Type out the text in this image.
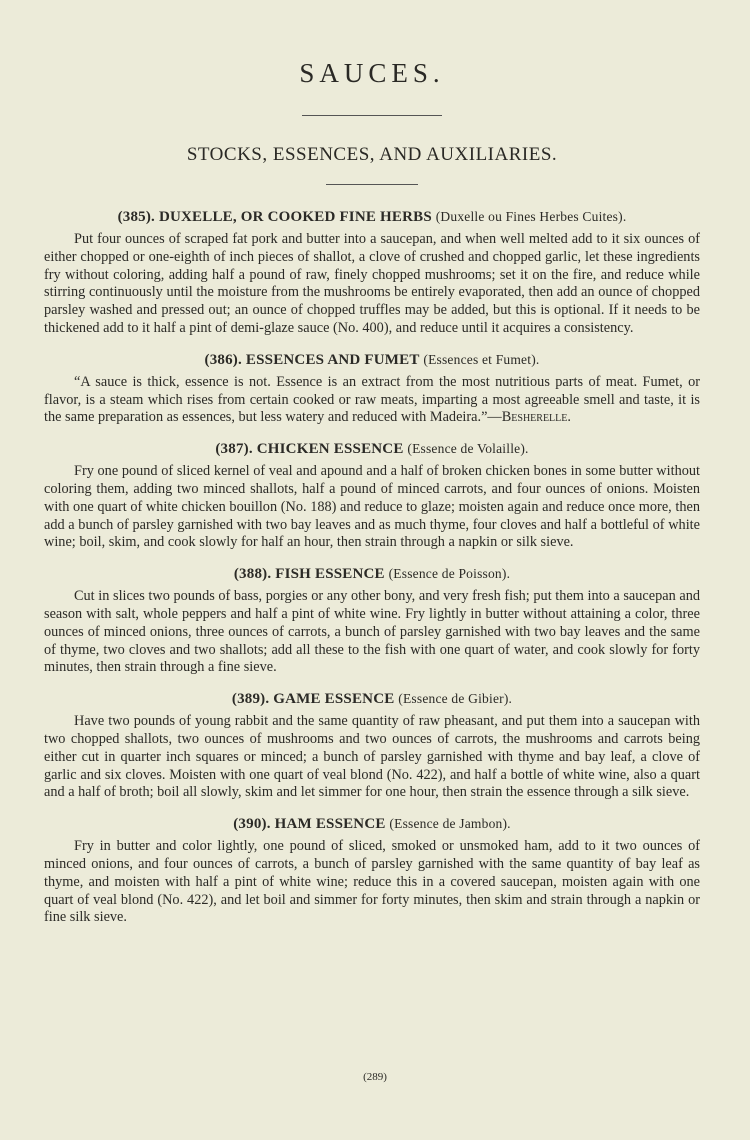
SAUCES.
STOCKS, ESSENCES, AND AUXILIARIES.
(385). DUXELLE, OR COOKED FINE HERBS (Duxelle ou Fines Herbes Cuites).

Put four ounces of scraped fat pork and butter into a saucepan, and when well melted add to it six ounces of either chopped or one-eighth of inch pieces of shallot, a clove of crushed and chopped garlic, let these ingredients fry without coloring, adding half a pound of raw, finely chopped mushrooms; set it on the fire, and reduce while stirring continuously until the moisture from the mushrooms be entirely evaporated, then add an ounce of chopped parsley washed and pressed out; an ounce of chopped truffles may be added, but this is optional. If it needs to be thickened add to it half a pint of demi-glaze sauce (No. 400), and reduce until it acquires a consistency.

(386). ESSENCES AND FUMET (Essences et Fumet).

“A sauce is thick, essence is not. Essence is an extract from the most nutritious parts of meat. Fumet, or flavor, is a steam which rises from certain cooked or raw meats, imparting a most agreeable smell and taste, it is the same preparation as essences, but less watery and reduced with Madeira.”—Besherelle.

(387). CHICKEN ESSENCE (Essence de Volaille).

Fry one pound of sliced kernel of veal and apound and a half of broken chicken bones in some butter without coloring them, adding two minced shallots, half a pound of minced carrots, and four ounces of onions. Moisten with one quart of white chicken bouillon (No. 188) and reduce to glaze; moisten again and reduce once more, then add a bunch of parsley garnished with two bay leaves and as much thyme, four cloves and half a bottleful of white wine; boil, skim, and cook slowly for half an hour, then strain through a napkin or silk sieve.

(388). FISH ESSENCE (Essence de Poisson).

Cut in slices two pounds of bass, porgies or any other bony, and very fresh fish; put them into a saucepan and season with salt, whole peppers and half a pint of white wine. Fry lightly in butter without attaining a color, three ounces of minced onions, three ounces of carrots, a bunch of parsley garnished with two bay leaves and the same of thyme, two cloves and two shallots; add all these to the fish with one quart of water, and cook slowly for forty minutes, then strain through a fine sieve.

(389). GAME ESSENCE (Essence de Gibier).

Have two pounds of young rabbit and the same quantity of raw pheasant, and put them into a saucepan with two chopped shallots, two ounces of mushrooms and two ounces of carrots, the mushrooms and carrots being either cut in quarter inch squares or minced; a bunch of parsley garnished with thyme and bay leaf, a clove of garlic and six cloves. Moisten with one quart of veal blond (No. 422), and half a bottle of white wine, also a quart and a half of broth; boil all slowly, skim and let simmer for one hour, then strain the essence through a silk sieve.

(390). HAM ESSENCE (Essence de Jambon).

Fry in butter and color lightly, one pound of sliced, smoked or unsmoked ham, add to it two ounces of minced onions, and four ounces of carrots, a bunch of parsley garnished with the same quantity of bay leaf as thyme, and moisten with half a pint of white wine; reduce this in a covered saucepan, moisten again with one quart of veal blond (No. 422), and let boil and simmer for forty minutes, then skim and strain through a napkin or fine silk sieve.

(289)
